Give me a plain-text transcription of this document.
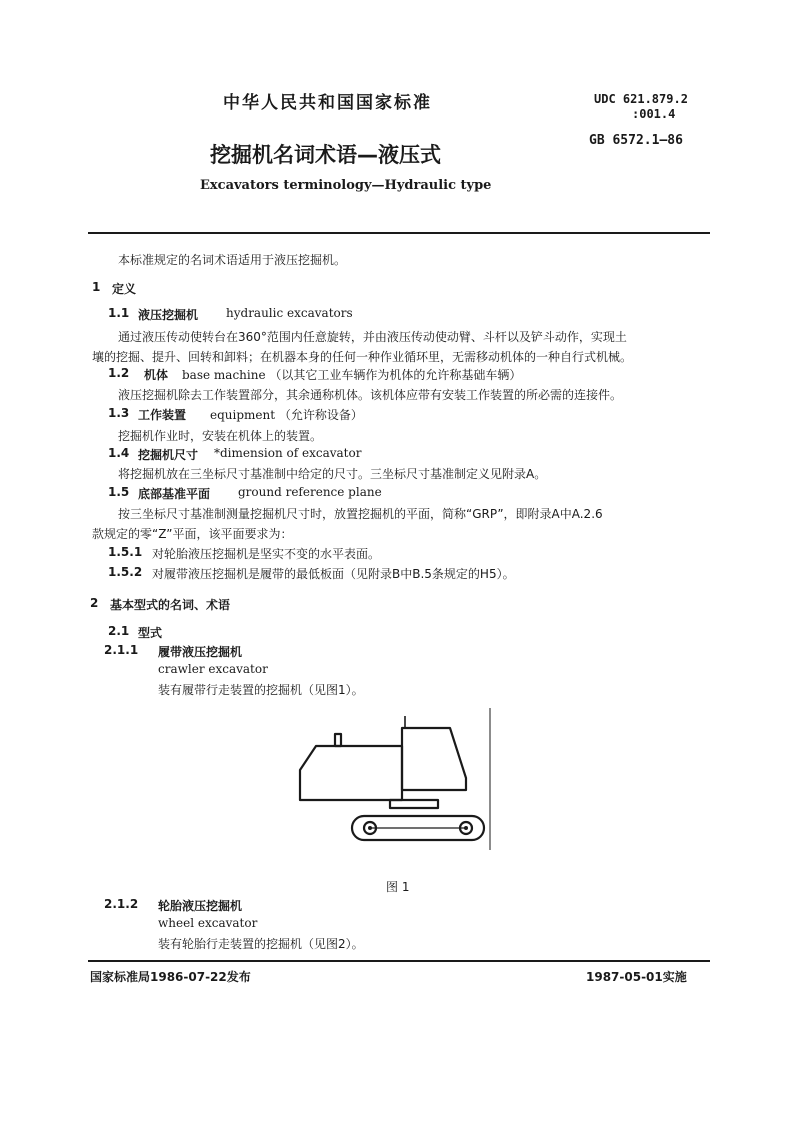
中华人民共和国国家标准	UDC 621.879.2
:001.4
GB 6572.1—86
挖掘机名词术语—液压式
Excavators terminology—Hydraulic type
本标准规定的名词术语适用于液压挖掘机。
1 定义
1.1 液压挖掘机 hydraulic excavators
通过液压传动使转台在360°范围内任意旋转，并由液压传动使动臂、斗杆以及铲斗动作，实现土
壤的挖掘、提升、回转和卸料；在机器本身的任何一种作业循环里，无需移动机体的一种自行式机械。
1.2 机体 base machine （以其它工业车辆作为机体的允许称基础车辆）
液压挖掘机除去工作装置部分，其余通称机体。该机体应带有安装工作装置的所必需的连接件。
1.3 工作装置 equipment （允许称设备）
挖掘机作业时，安装在机体上的装置。
1.4 挖掘机尺寸 *dimension of excavator
将挖掘机放在三坐标尺寸基准制中给定的尺寸。三坐标尺寸基准制定义见附录A。
1.5 底部基准平面 ground reference plane
按三坐标尺寸基准制测量挖掘机尺寸时，放置挖掘机的平面，简称“GRP”，即附录A中A.2.6
款规定的零“Z”平面，该平面要求为：
1.5.1 对轮胎液压挖掘机是坚实不变的水平表面。
1.5.2 对履带液压挖掘机是履带的最低板面（见附录B中B.5条规定的H5）。
2 基本型式的名词、术语
2.1 型式
2.1.1 履带液压挖掘机
crawler excavator
装有履带行走装置的挖掘机（见图1）。
图 1
2.1.2 轮胎液压挖掘机
wheel excavator
装有轮胎行走装置的挖掘机（见图2）。
国家标准局1986-07-22发布	1987-05-01实施
